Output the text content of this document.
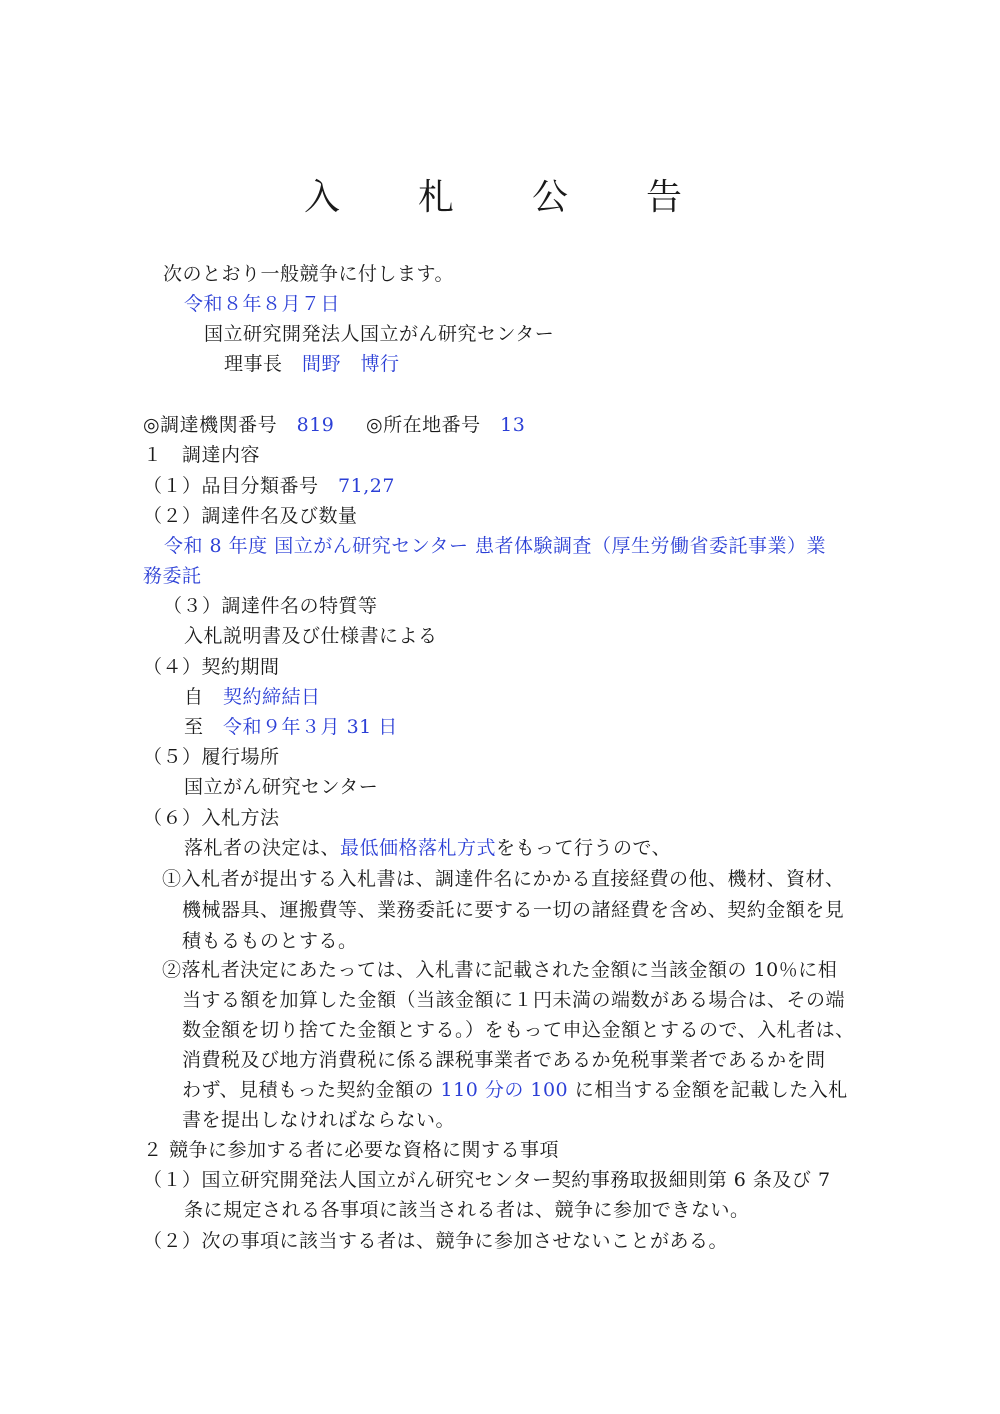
入 札 公 告
次のとおり一般競争に付します。
令和８年８月７日
国立研究開発法人国立がん研究センター
理事長　 間野　博行
◎調達機関番号　 819 ◎所在地番号　 13
１　調達内容
（１）品目分類番号　 71,27
（２）調達件名及び数量
令和 8 年度 国立がん研究センター 患者体験調査（厚生労働省委託事業）業
務委託
（３）調達件名の特質等
入札説明書及び仕様書による
（４）契約期間
自　 契約締結日
至　 令和９年３月 31 日
（５）履行場所
国立がん研究センター
（６）入札方法
落札者の決定は、最低価格落札方式をもって行うので、
①入札者が提出する入札書は、調達件名にかかる直接経費の他、機材、資材、
機械器具、運搬費等、業務委託に要する一切の諸経費を含め、契約金額を見
積もるものとする。
②落札者決定にあたっては、入札書に記載された金額に当該金額の 10％に相
当する額を加算した金額（当該金額に１円未満の端数がある場合は、その端
数金額を切り捨てた金額とする。）をもって申込金額とするので、入札者は、
消費税及び地方消費税に係る課税事業者であるか免税事業者であるかを問
わず、見積もった契約金額の 110 分の 100 に相当する金額を記載した入札
書を提出しなければならない。
２ 競争に参加する者に必要な資格に関する事項
（１）国立研究開発法人国立がん研究センター契約事務取扱細則第 6 条及び 7
条に規定される各事項に該当される者は、競争に参加できない。
（２）次の事項に該当する者は、競争に参加させないことがある。
